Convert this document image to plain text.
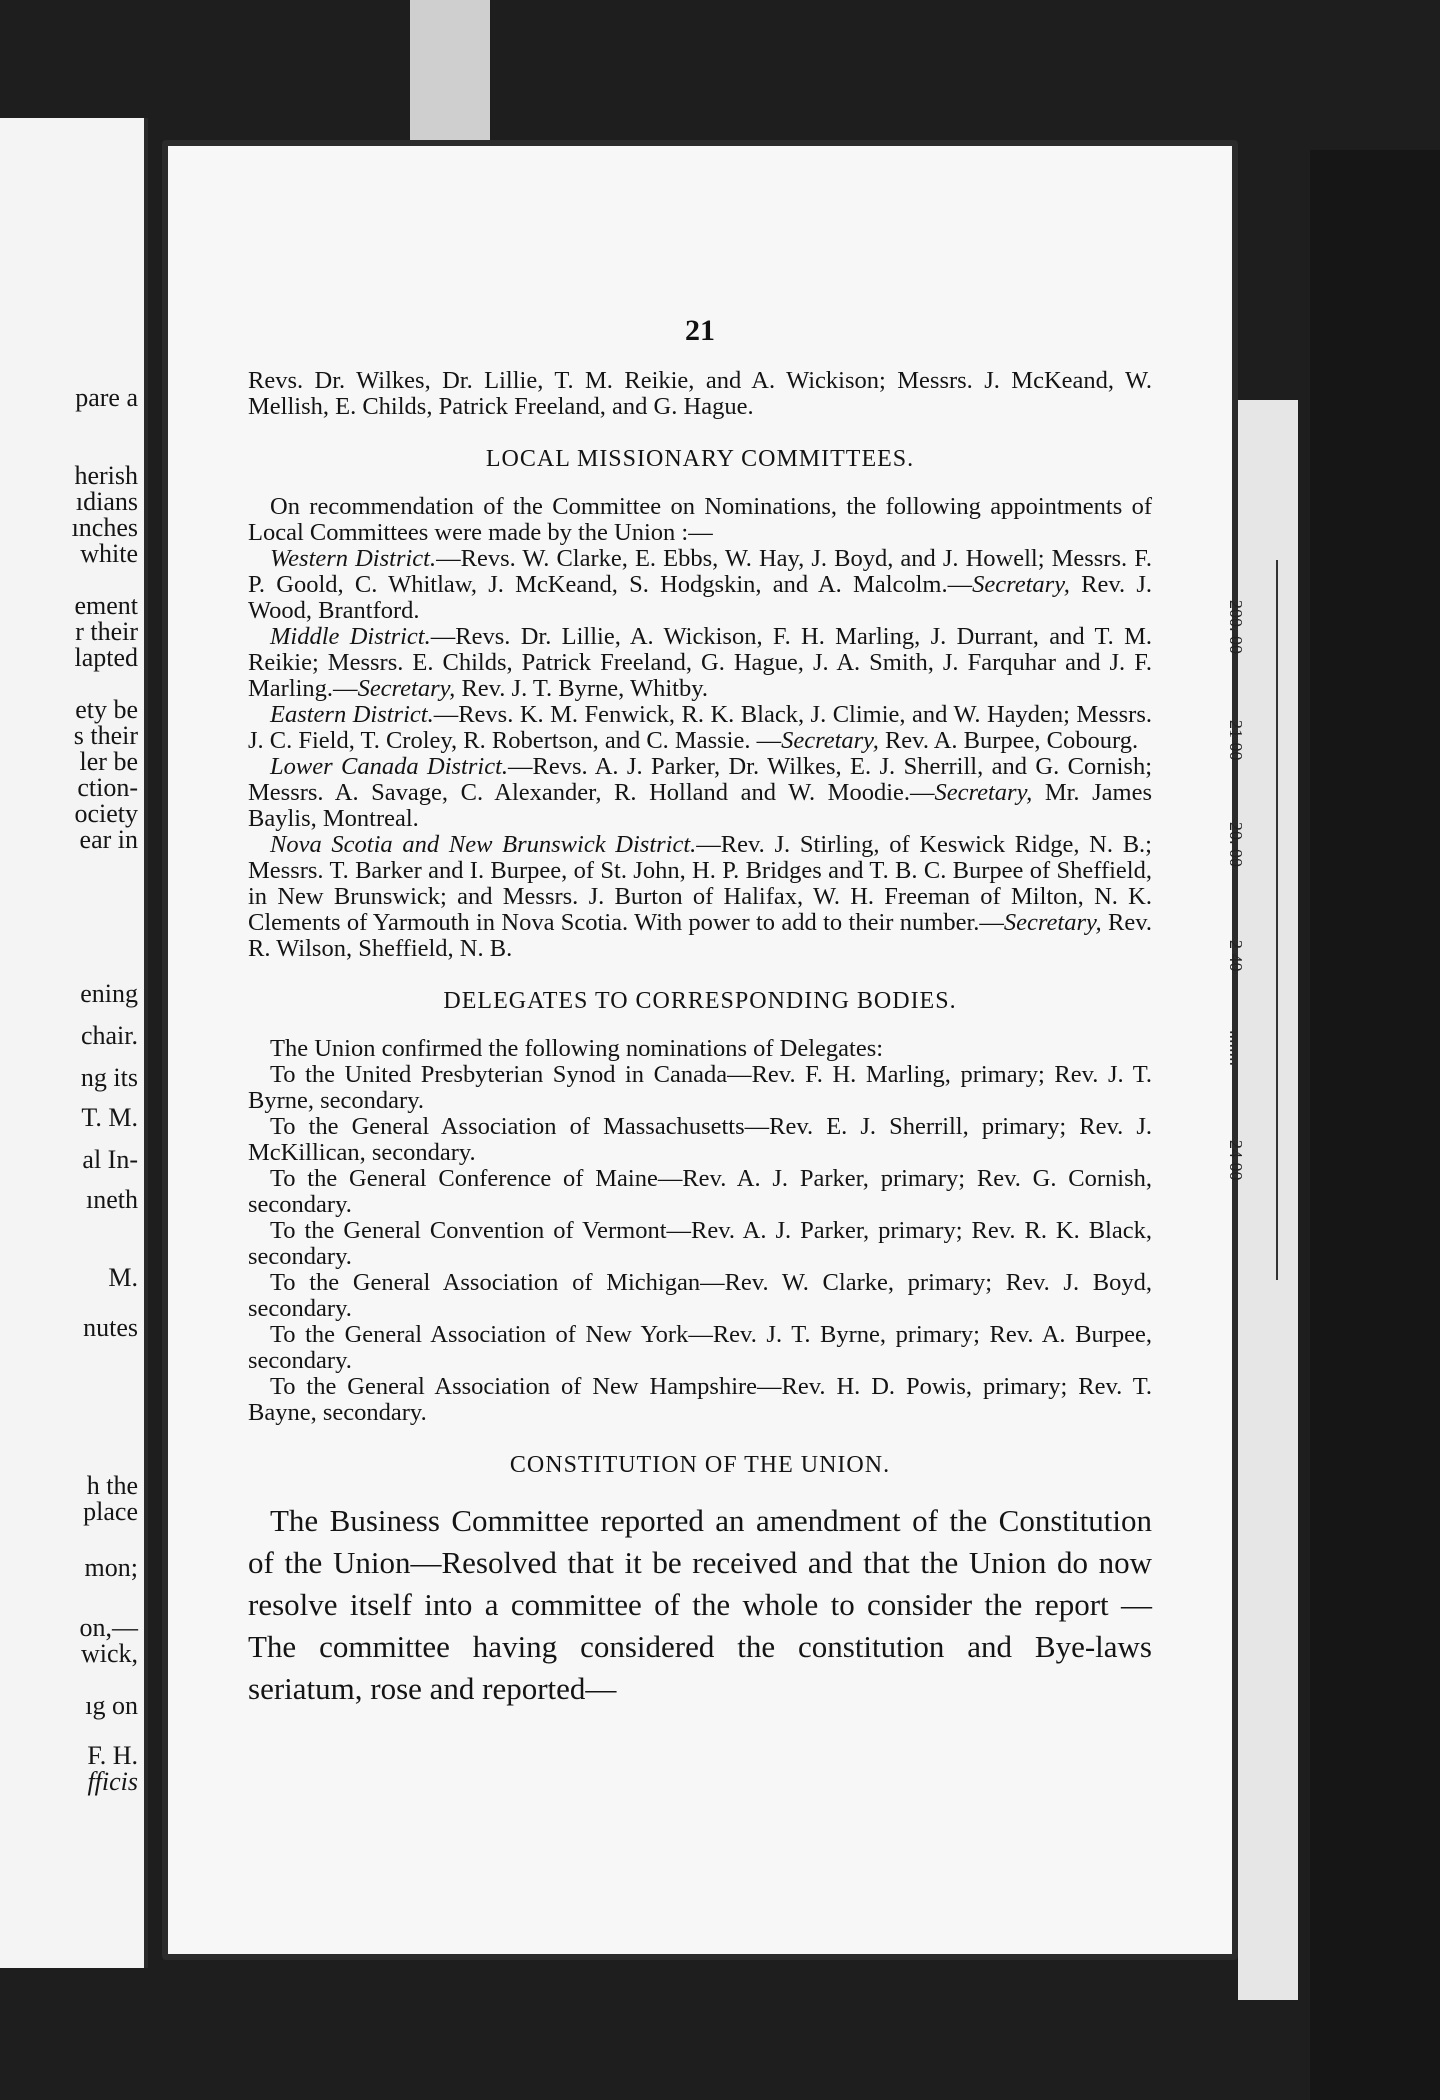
pare a
herish
ıdians
ınches
white
ement
r their
lapted
ety be
s their
ler be
ction-
ociety
ear in
ening
chair.
ng its
T. M.
al In-
ıneth
M.
nutes
h the
place
mon;
on,—
wick,
ıg on
F. H.
fficis
21

Revs. Dr. Wilkes, Dr. Lillie, T. M. Reikie, and A. Wickison; Messrs. J. McKeand, W. Mellish, E. Childs, Patrick Freeland, and G. Hague.

LOCAL MISSIONARY COMMITTEES.

On recommendation of the Committee on Nominations, the following appointments of Local Committees were made by the Union :—

Western District.—Revs. W. Clarke, E. Ebbs, W. Hay, J. Boyd, and J. Howell; Messrs. F. P. Goold, C. Whitlaw, J. McKeand, S. Hodgskin, and A. Malcolm.—Secretary, Rev. J. Wood, Brantford.

Middle District.—Revs. Dr. Lillie, A. Wickison, F. H. Marling, J. Durrant, and T. M. Reikie; Messrs. E. Childs, Patrick Freeland, G. Hague, J. A. Smith, J. Farquhar and J. F. Marling.—Secretary, Rev. J. T. Byrne, Whitby.

Eastern District.—Revs. K. M. Fenwick, R. K. Black, J. Climie, and W. Hayden; Messrs. J. C. Field, T. Croley, R. Robertson, and C. Massie. —Secretary, Rev. A. Burpee, Cobourg.

Lower Canada District.—Revs. A. J. Parker, Dr. Wilkes, E. J. Sherrill, and G. Cornish; Messrs. A. Savage, C. Alexander, R. Holland and W. Moodie.—Secretary, Mr. James Baylis, Montreal.

Nova Scotia and New Brunswick District.—Rev. J. Stirling, of Keswick Ridge, N. B.; Messrs. T. Barker and I. Burpee, of St. John, H. P. Bridges and T. B. C. Burpee of Sheffield, in New Brunswick; and Messrs. J. Burton of Halifax, W. H. Freeman of Milton, N. K. Clements of Yarmouth in Nova Scotia. With power to add to their number.—Secretary, Rev. R. Wilson, Sheffield, N. B.

DELEGATES TO CORRESPONDING BODIES.

The Union confirmed the following nominations of Delegates:

To the United Presbyterian Synod in Canada—Rev. F. H. Marling, primary; Rev. J. T. Byrne, secondary.

To the General Association of Massachusetts—Rev. E. J. Sherrill, primary; Rev. J. McKillican, secondary.

To the General Conference of Maine—Rev. A. J. Parker, primary; Rev. G. Cornish, secondary.

To the General Convention of Vermont—Rev. A. J. Parker, primary; Rev. R. K. Black, secondary.

To the General Association of Michigan—Rev. W. Clarke, primary; Rev. J. Boyd, secondary.

To the General Association of New York—Rev. J. T. Byrne, primary; Rev. A. Burpee, secondary.

To the General Association of New Hampshire—Rev. H. D. Powis, primary; Rev. T. Bayne, secondary.

CONSTITUTION OF THE UNION.

The Business Committee reported an amendment of the Constitution of the Union—Resolved that it be received and that the Union do now resolve itself into a committee of the whole to consider the report — The committee having considered the constitution and Bye-laws seriatum, rose and reported—

200. 00
21 00
20. 00
2 40
........
24 00
